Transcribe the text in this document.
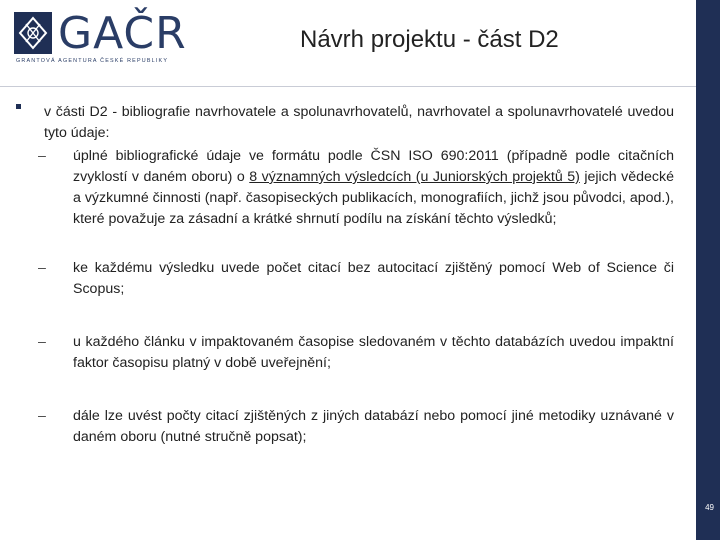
GAČR
GRANTOVÁ AGENTURA ČESKÉ REPUBLIKY
Návrh projektu - část D2
49

v části D2 - bibliografie navrhovatele a spolunavrhovatelů, navrhovatel a spolunavrhovatelé uvedou tyto údaje:

– úplné bibliografické údaje ve formátu podle ČSN ISO 690:2011 (případně podle citačních zvyklostí v daném oboru) o 8 významných výsledcích (u Juniorských projektů 5) jejich vědecké a výzkumné činnosti (např. časopiseckých publikacích, monografiích, jichž jsou původci, apod.), které považuje za zásadní a krátké shrnutí podílu na získání těchto výsledků;

– ke každému výsledku uvede počet citací bez autocitací zjištěný pomocí Web of Science či Scopus;

– u každého článku v impaktovaném časopise sledovaném v těchto databázích uvedou impaktní faktor časopisu platný v době uveřejnění;

– dále lze uvést počty citací zjištěných z jiných databází nebo pomocí jiné metodiky uznávané v daném oboru (nutné stručně popsat);
